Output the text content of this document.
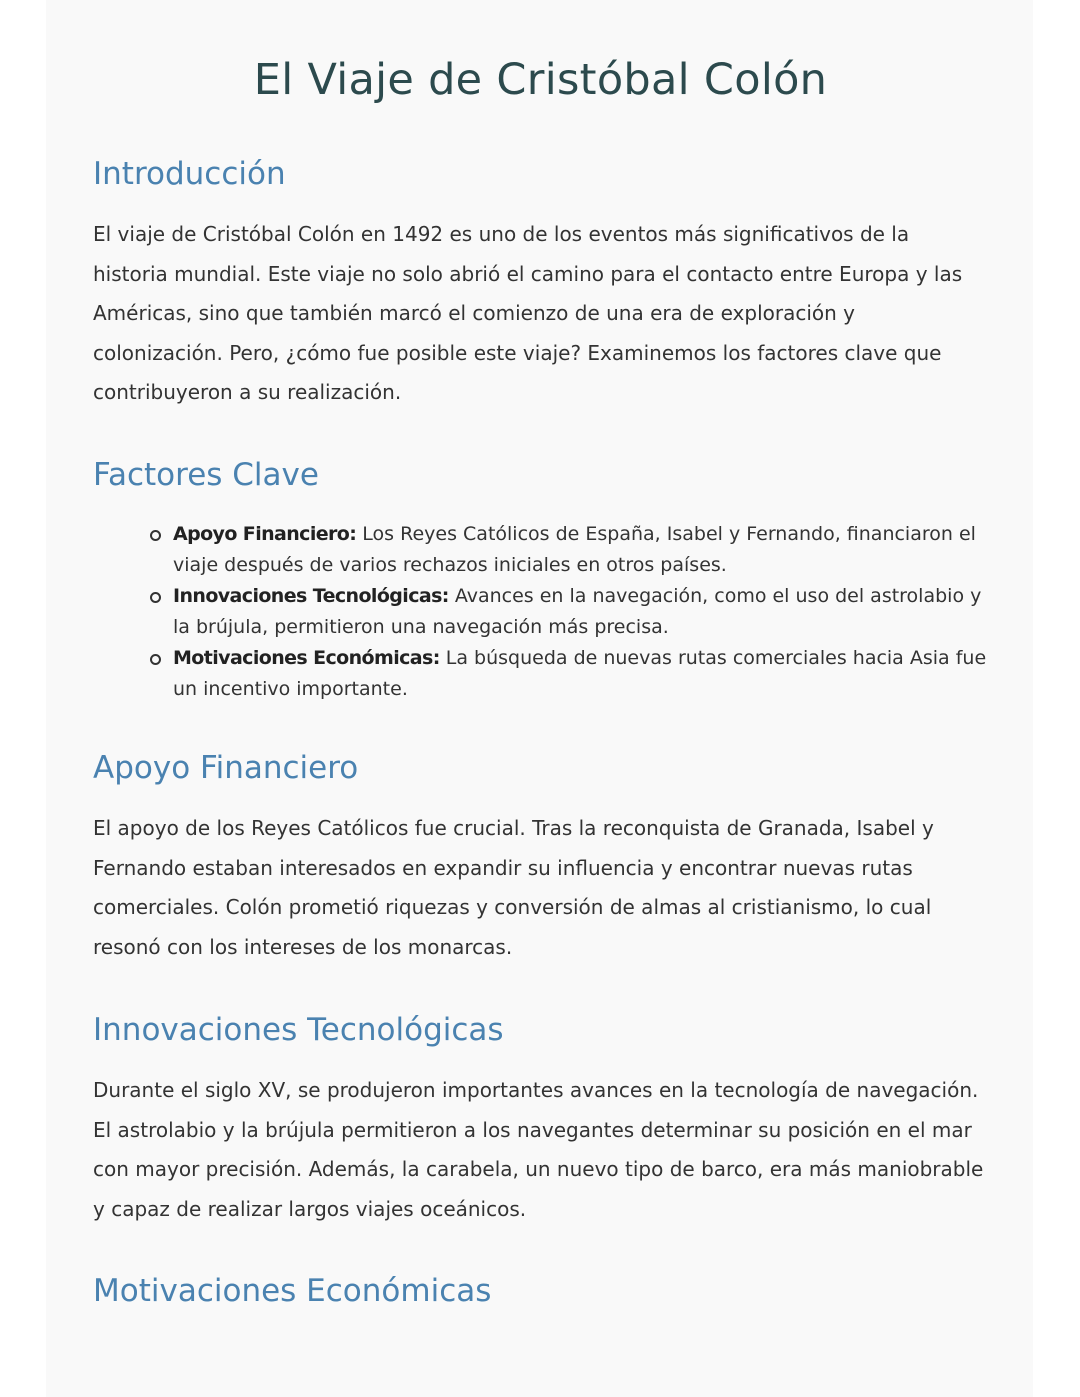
El Viaje de Cristóbal Colón
Introducción

El viaje de Cristóbal Colón en 1492 es uno de los eventos más significativos de la historia mundial. Este viaje no solo abrió el camino para el contacto entre Europa y las Américas, sino que también marcó el comienzo de una era de exploración y colonización. Pero, ¿cómo fue posible este viaje? Examinemos los factores clave que contribuyeron a su realización.

Factores Clave
Apoyo Financiero: Los Reyes Católicos de España, Isabel y Fernando, financiaron el viaje después de varios rechazos iniciales en otros países.
Innovaciones Tecnológicas: Avances en la navegación, como el uso del astrolabio y la brújula, permitieron una navegación más precisa.
Motivaciones Económicas: La búsqueda de nuevas rutas comerciales hacia Asia fue un incentivo importante.
Apoyo Financiero

El apoyo de los Reyes Católicos fue crucial. Tras la reconquista de Granada, Isabel y Fernando estaban interesados en expandir su influencia y encontrar nuevas rutas comerciales. Colón prometió riquezas y conversión de almas al cristianismo, lo cual resonó con los intereses de los monarcas.

Innovaciones Tecnológicas

Durante el siglo XV, se produjeron importantes avances en la tecnología de navegación. El astrolabio y la brújula permitieron a los navegantes determinar su posición en el mar con mayor precisión. Además, la carabela, un nuevo tipo de barco, era más maniobrable y capaz de realizar largos viajes oceánicos.

Motivaciones Económicas
